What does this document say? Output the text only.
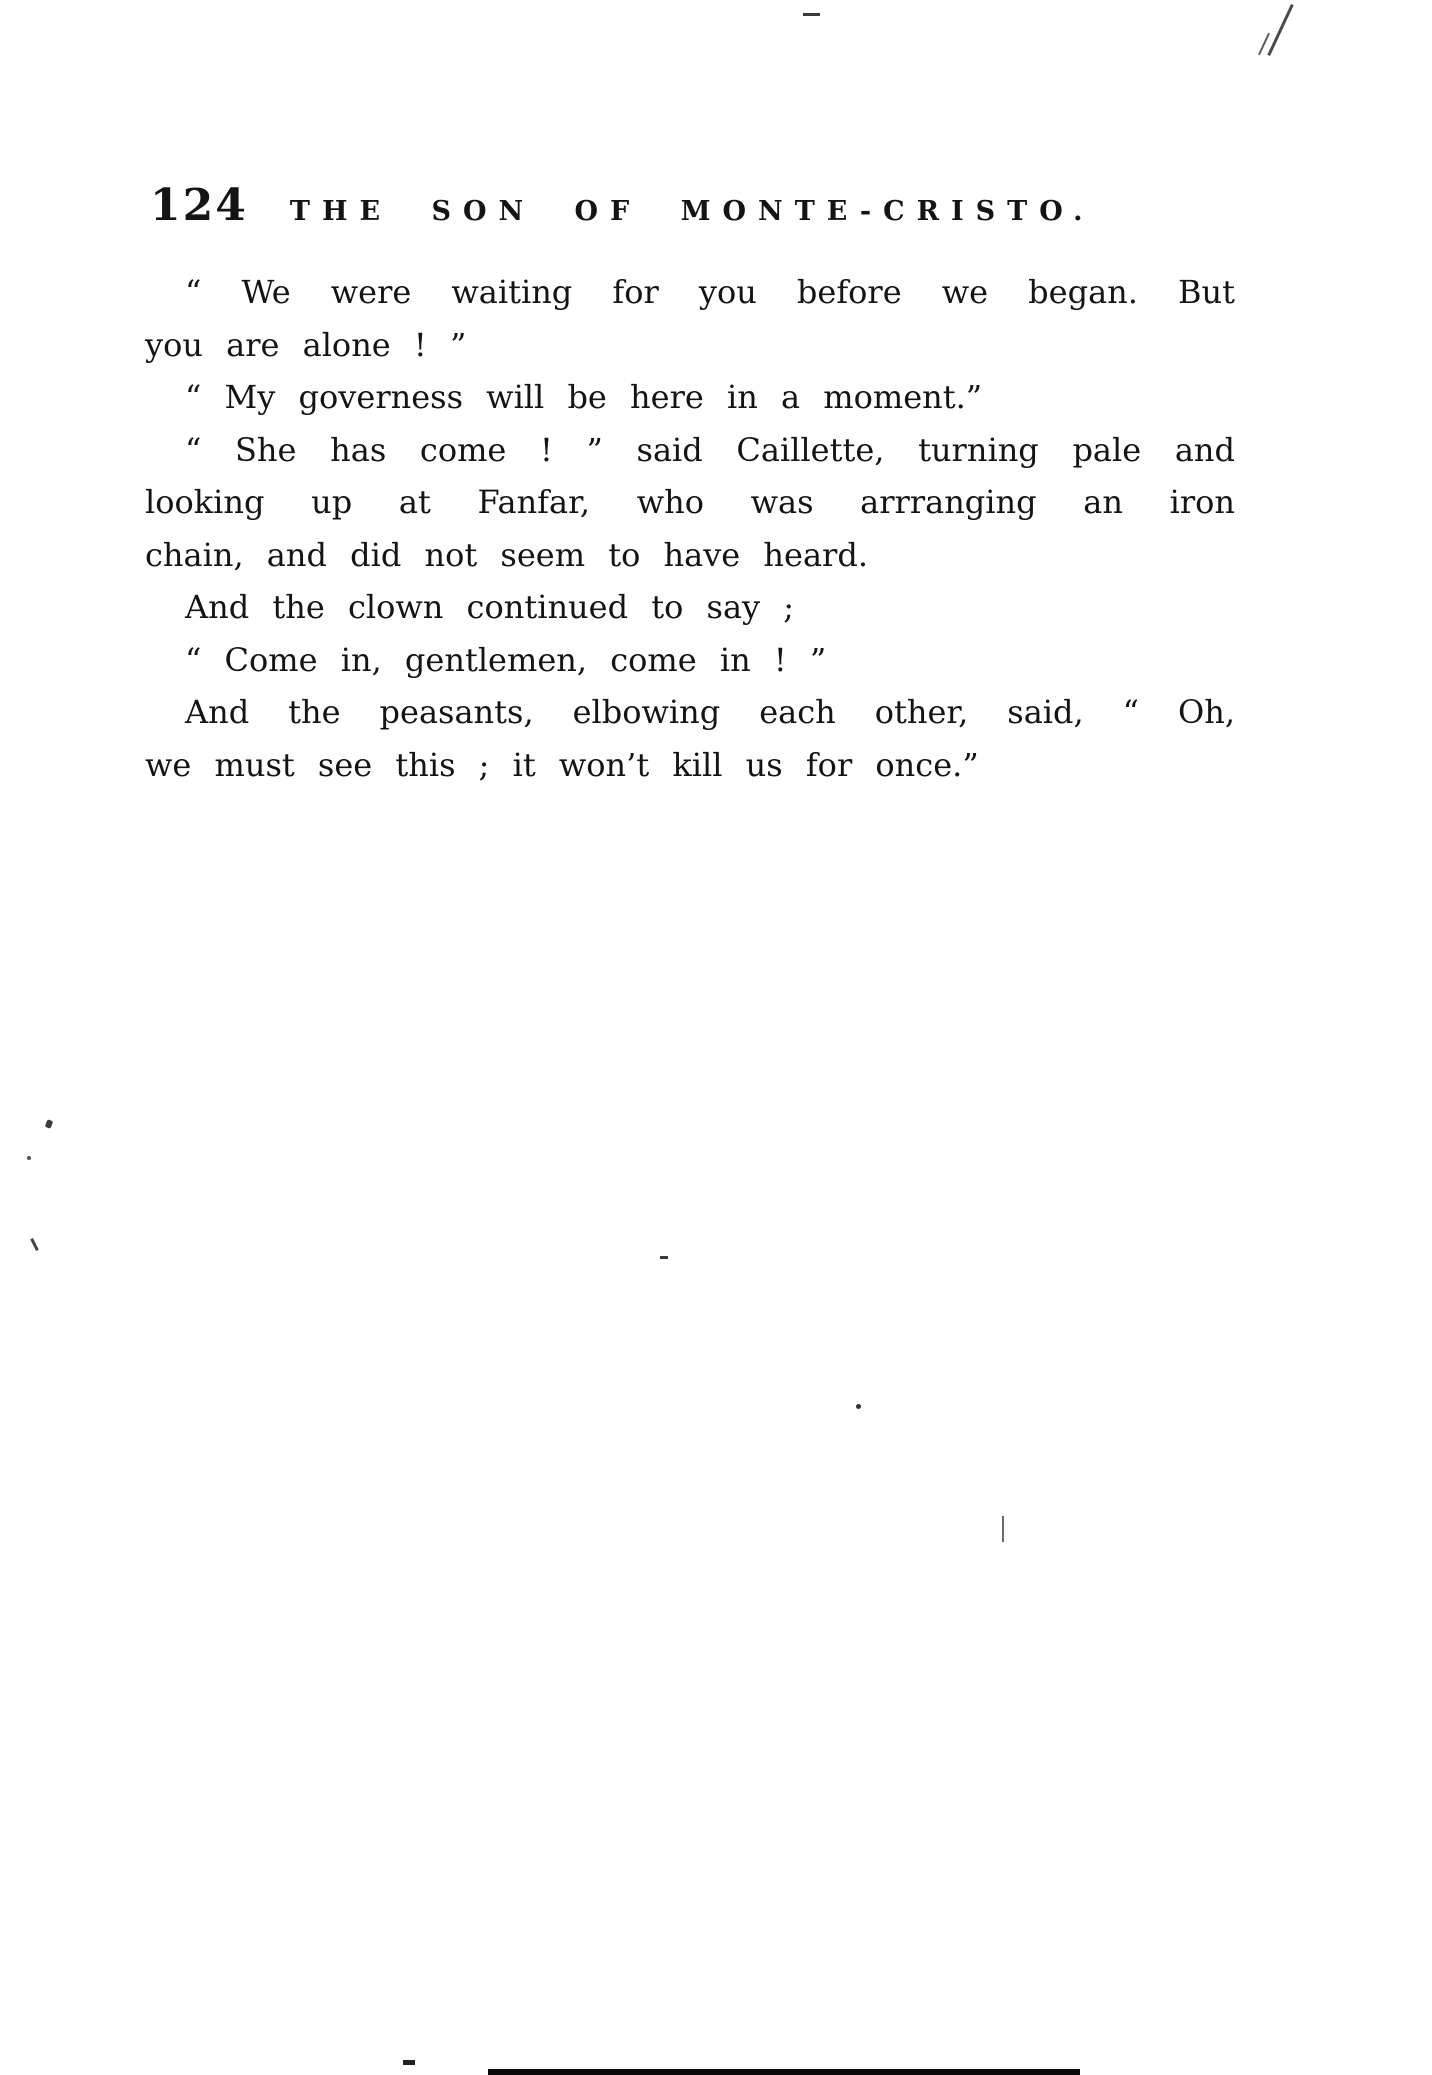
124 THE SON OF MONTE-CRISTO.
“ We were waiting for you before we began. But
you are alone ! ”
“ My governess will be here in a moment.”
“ She has come ! ” said Caillette, turning pale and
looking up at Fanfar, who was arrranging an iron
chain, and did not seem to have heard.
And the clown continued to say ;
“ Come in, gentlemen, come in ! ”
And the peasants, elbowing each other, said, “ Oh,
we must see this ; it won’t kill us for once.”
